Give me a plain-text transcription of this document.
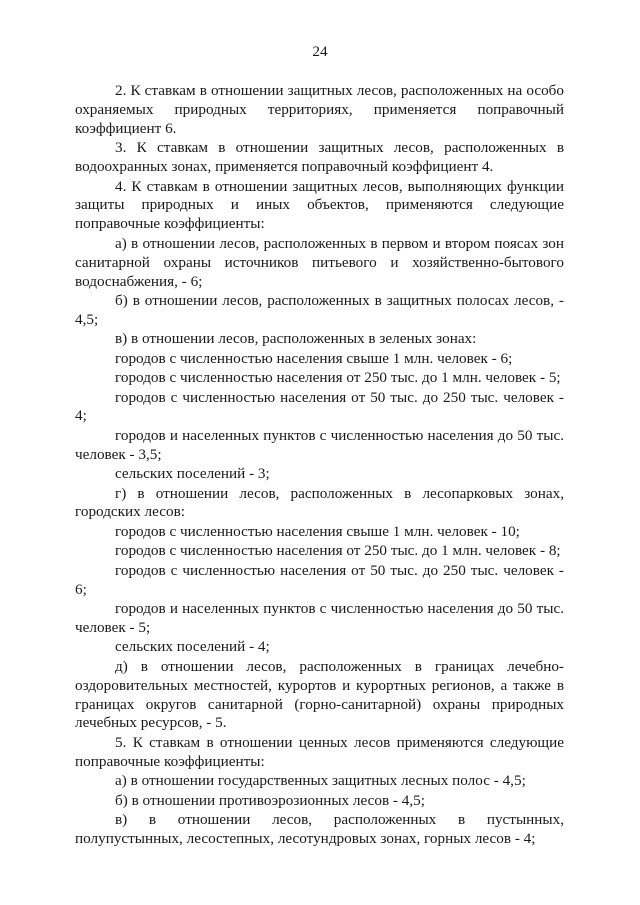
24

2. К ставкам в отношении защитных лесов, расположенных на особо охраняемых природных территориях, применяется поправочный коэффициент 6.

3. К ставкам в отношении защитных лесов, расположенных в водоохранных зонах, применяется поправочный коэффициент 4.

4. К ставкам в отношении защитных лесов, выполняющих функции защиты природных и иных объектов, применяются следующие поправочные коэффициенты:

а) в отношении лесов, расположенных в первом и втором поясах зон санитарной охраны источников питьевого и хозяйственно-бытового водоснабжения, - 6;

б) в отношении лесов, расположенных в защитных полосах лесов, - 4,5;

в) в отношении лесов, расположенных в зеленых зонах:

городов с численностью населения свыше 1 млн. человек - 6;

городов с численностью населения от 250 тыс. до 1 млн. человек - 5;

городов с численностью населения от 50 тыс. до 250 тыс. человек - 4;

городов и населенных пунктов с численностью населения до 50 тыс. человек - 3,5;

сельских поселений - 3;

г) в отношении лесов, расположенных в лесопарковых зонах, городских лесов:

городов с численностью населения свыше 1 млн. человек - 10;

городов с численностью населения от 250 тыс. до 1 млн. человек - 8;

городов с численностью населения от 50 тыс. до 250 тыс. человек - 6;

городов и населенных пунктов с численностью населения до 50 тыс. человек - 5;

сельских поселений - 4;

д) в отношении лесов, расположенных в границах лечебно-оздоровительных местностей, курортов и курортных регионов, а также в границах округов санитарной (горно-санитарной) охраны природных лечебных ресурсов, - 5.

5. К ставкам в отношении ценных лесов применяются следующие поправочные коэффициенты:

а) в отношении государственных защитных лесных полос - 4,5;

б) в отношении противоэрозионных лесов - 4,5;

в) в отношении лесов, расположенных в пустынных, полупустынных, лесостепных, лесотундровых зонах, горных лесов - 4;
